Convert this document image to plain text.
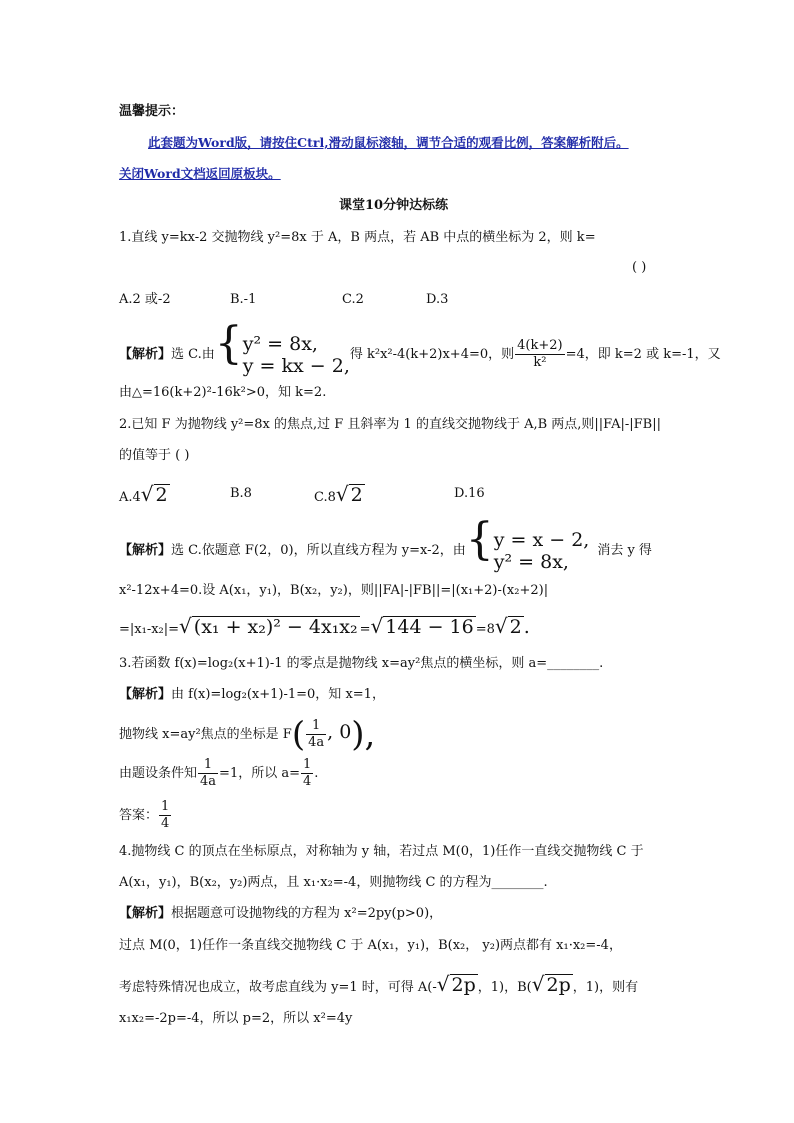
温馨提示：
此套题为Word版，请按住Ctrl,滑动鼠标滚轴，调节合适的观看比例，答案解析附后。
关闭Word文档返回原板块。
课堂10分钟达标练
1.直线 y=kx-2 交抛物线 y²=8x 于 A，B 两点，若 AB 中点的横坐标为 2，则 k=
( )
A.2 或-2	B.-1	C.2	D.3
【解析】选 C.由{ y² = 8x,
y = kx − 2, 得 k²x²-4(k+2)x+4=0，则 $\frac{4(k+2)}{\text{k²}} =4$，即 k=2 或 k=-1，又
由△=16(k+2)²-16k²>0，知 k=2.
2.已知 F 为抛物线 y²=8x 的焦点,过 F 且斜率为 1 的直线交抛物线于 A,B 两点,则||FA|-|FB||
的值等于 ( )
A.4√ 2	B.8	C.8√ 2	D.16
【解析】选 C.依题意 F(2，0)，所以直线方程为 y=x-2，由{ y = x − 2,
y² = 8x,	消去 y 得
x²-12x+4=0.设 A(x₁，y₁)，B(x₂，y₂)，则||FA|-|FB||=|(x₁+2)-(x₂+2)|
=|x₁-x₂|=√ (x₁ + x₂)² − 4x₁x₂ =√ 144 − 16 =8√ 2 .
3.若函数 f(x)=log₂(x+1)-1 的零点是抛物线 x=ay²焦点的横坐标，则 a=________.
【解析】由 f(x)=log₂(x+1)-1=0，知 x=1，
抛物线 x=ay²焦点的坐标是 $F( \frac{1}{4a}$ , 0),
由题设条件知 $\frac{1}{4a} =1$，所以 $a= \frac{1}{4}$ .
答案： $\frac{1}{4}$
4.抛物线 C 的顶点在坐标原点，对称轴为 y 轴，若过点 M(0，1)任作一直线交抛物线 C 于
A(x₁，y₁)，B(x₂，y₂)两点，且 x₁·x₂=-4，则抛物线 C 的方程为________.
【解析】根据题意可设抛物线的方程为 x²=2py(p>0)，
过点 M(0，1)任作一条直线交抛物线 C 于 A(x₁，y₁)，B(x₂， y₂)两点都有 x₁·x₂=-4，
考虑特殊情况也成立，故考虑直线为 y=1 时，可得 A(-√ 2p ，1)，B(√ 2p ，1)，则有
x₁x₂=-2p=-4，所以 p=2，所以 x²=4y
